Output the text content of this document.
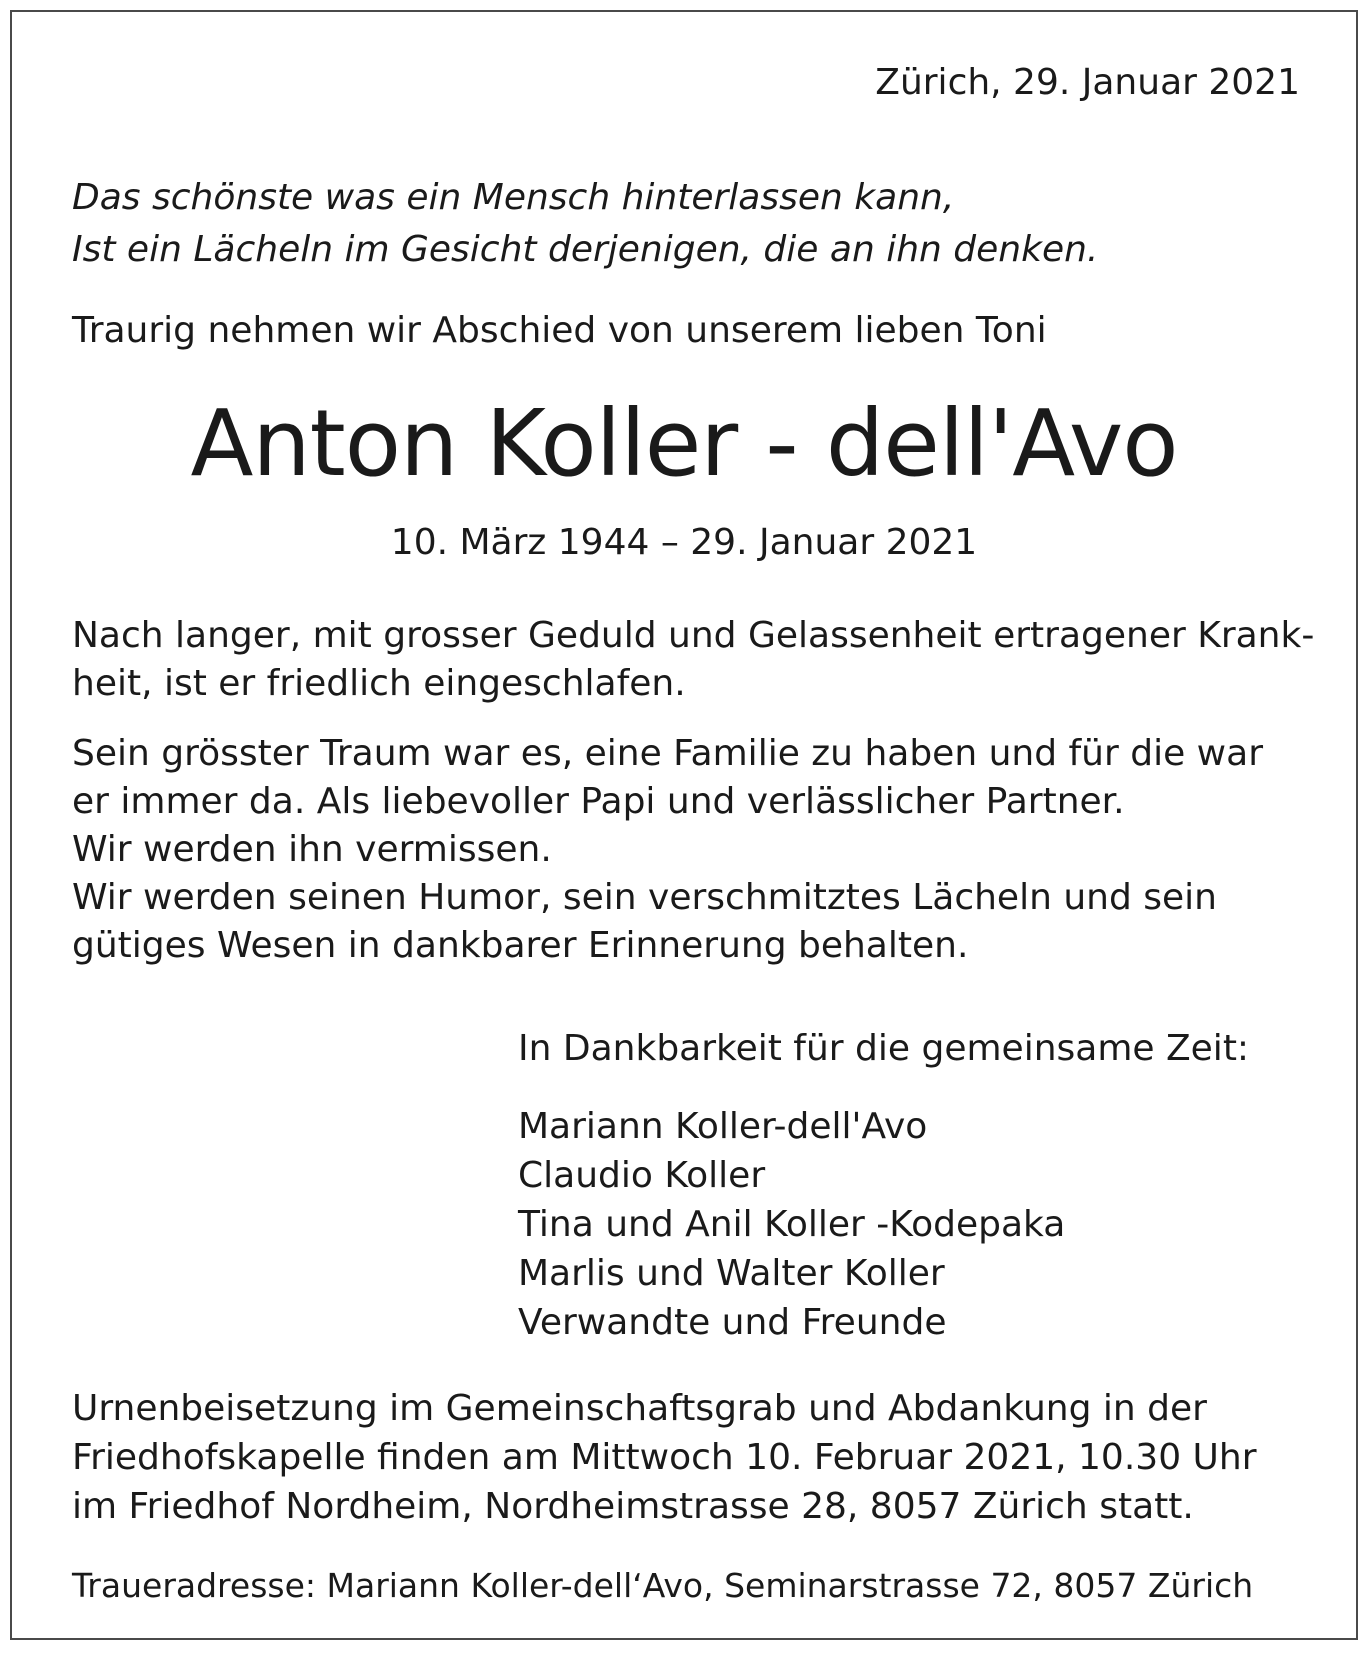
Zürich, 29. Januar 2021
Das schönste was ein Mensch hinterlassen kann,
Ist ein Lächeln im Gesicht derjenigen, die an ihn denken.
Traurig nehmen wir Abschied von unserem lieben Toni
Anton Koller - dell'Avo
10. März 1944 – 29. Januar 2021
Nach langer, mit grosser Geduld und Gelassenheit ertragener Krank-
heit, ist er friedlich eingeschlafen.
Sein grösster Traum war es, eine Familie zu haben und für die war
er immer da. Als liebevoller Papi und verlässlicher Partner.
Wir werden ihn vermissen.
Wir werden seinen Humor, sein verschmitztes Lächeln und sein
gütiges Wesen in dankbarer Erinnerung behalten.
In Dankbarkeit für die gemeinsame Zeit:
Mariann Koller-dell'Avo
Claudio Koller
Tina und Anil Koller -Kodepaka
Marlis und Walter Koller
Verwandte und Freunde
Urnenbeisetzung im Gemeinschaftsgrab und Abdankung in der
Friedhofskapelle finden am Mittwoch 10. Februar 2021, 10.30 Uhr
im Friedhof Nordheim, Nordheimstrasse 28, 8057 Zürich statt.
Traueradresse: Mariann Koller-dell‘Avo, Seminarstrasse 72, 8057 Zürich
